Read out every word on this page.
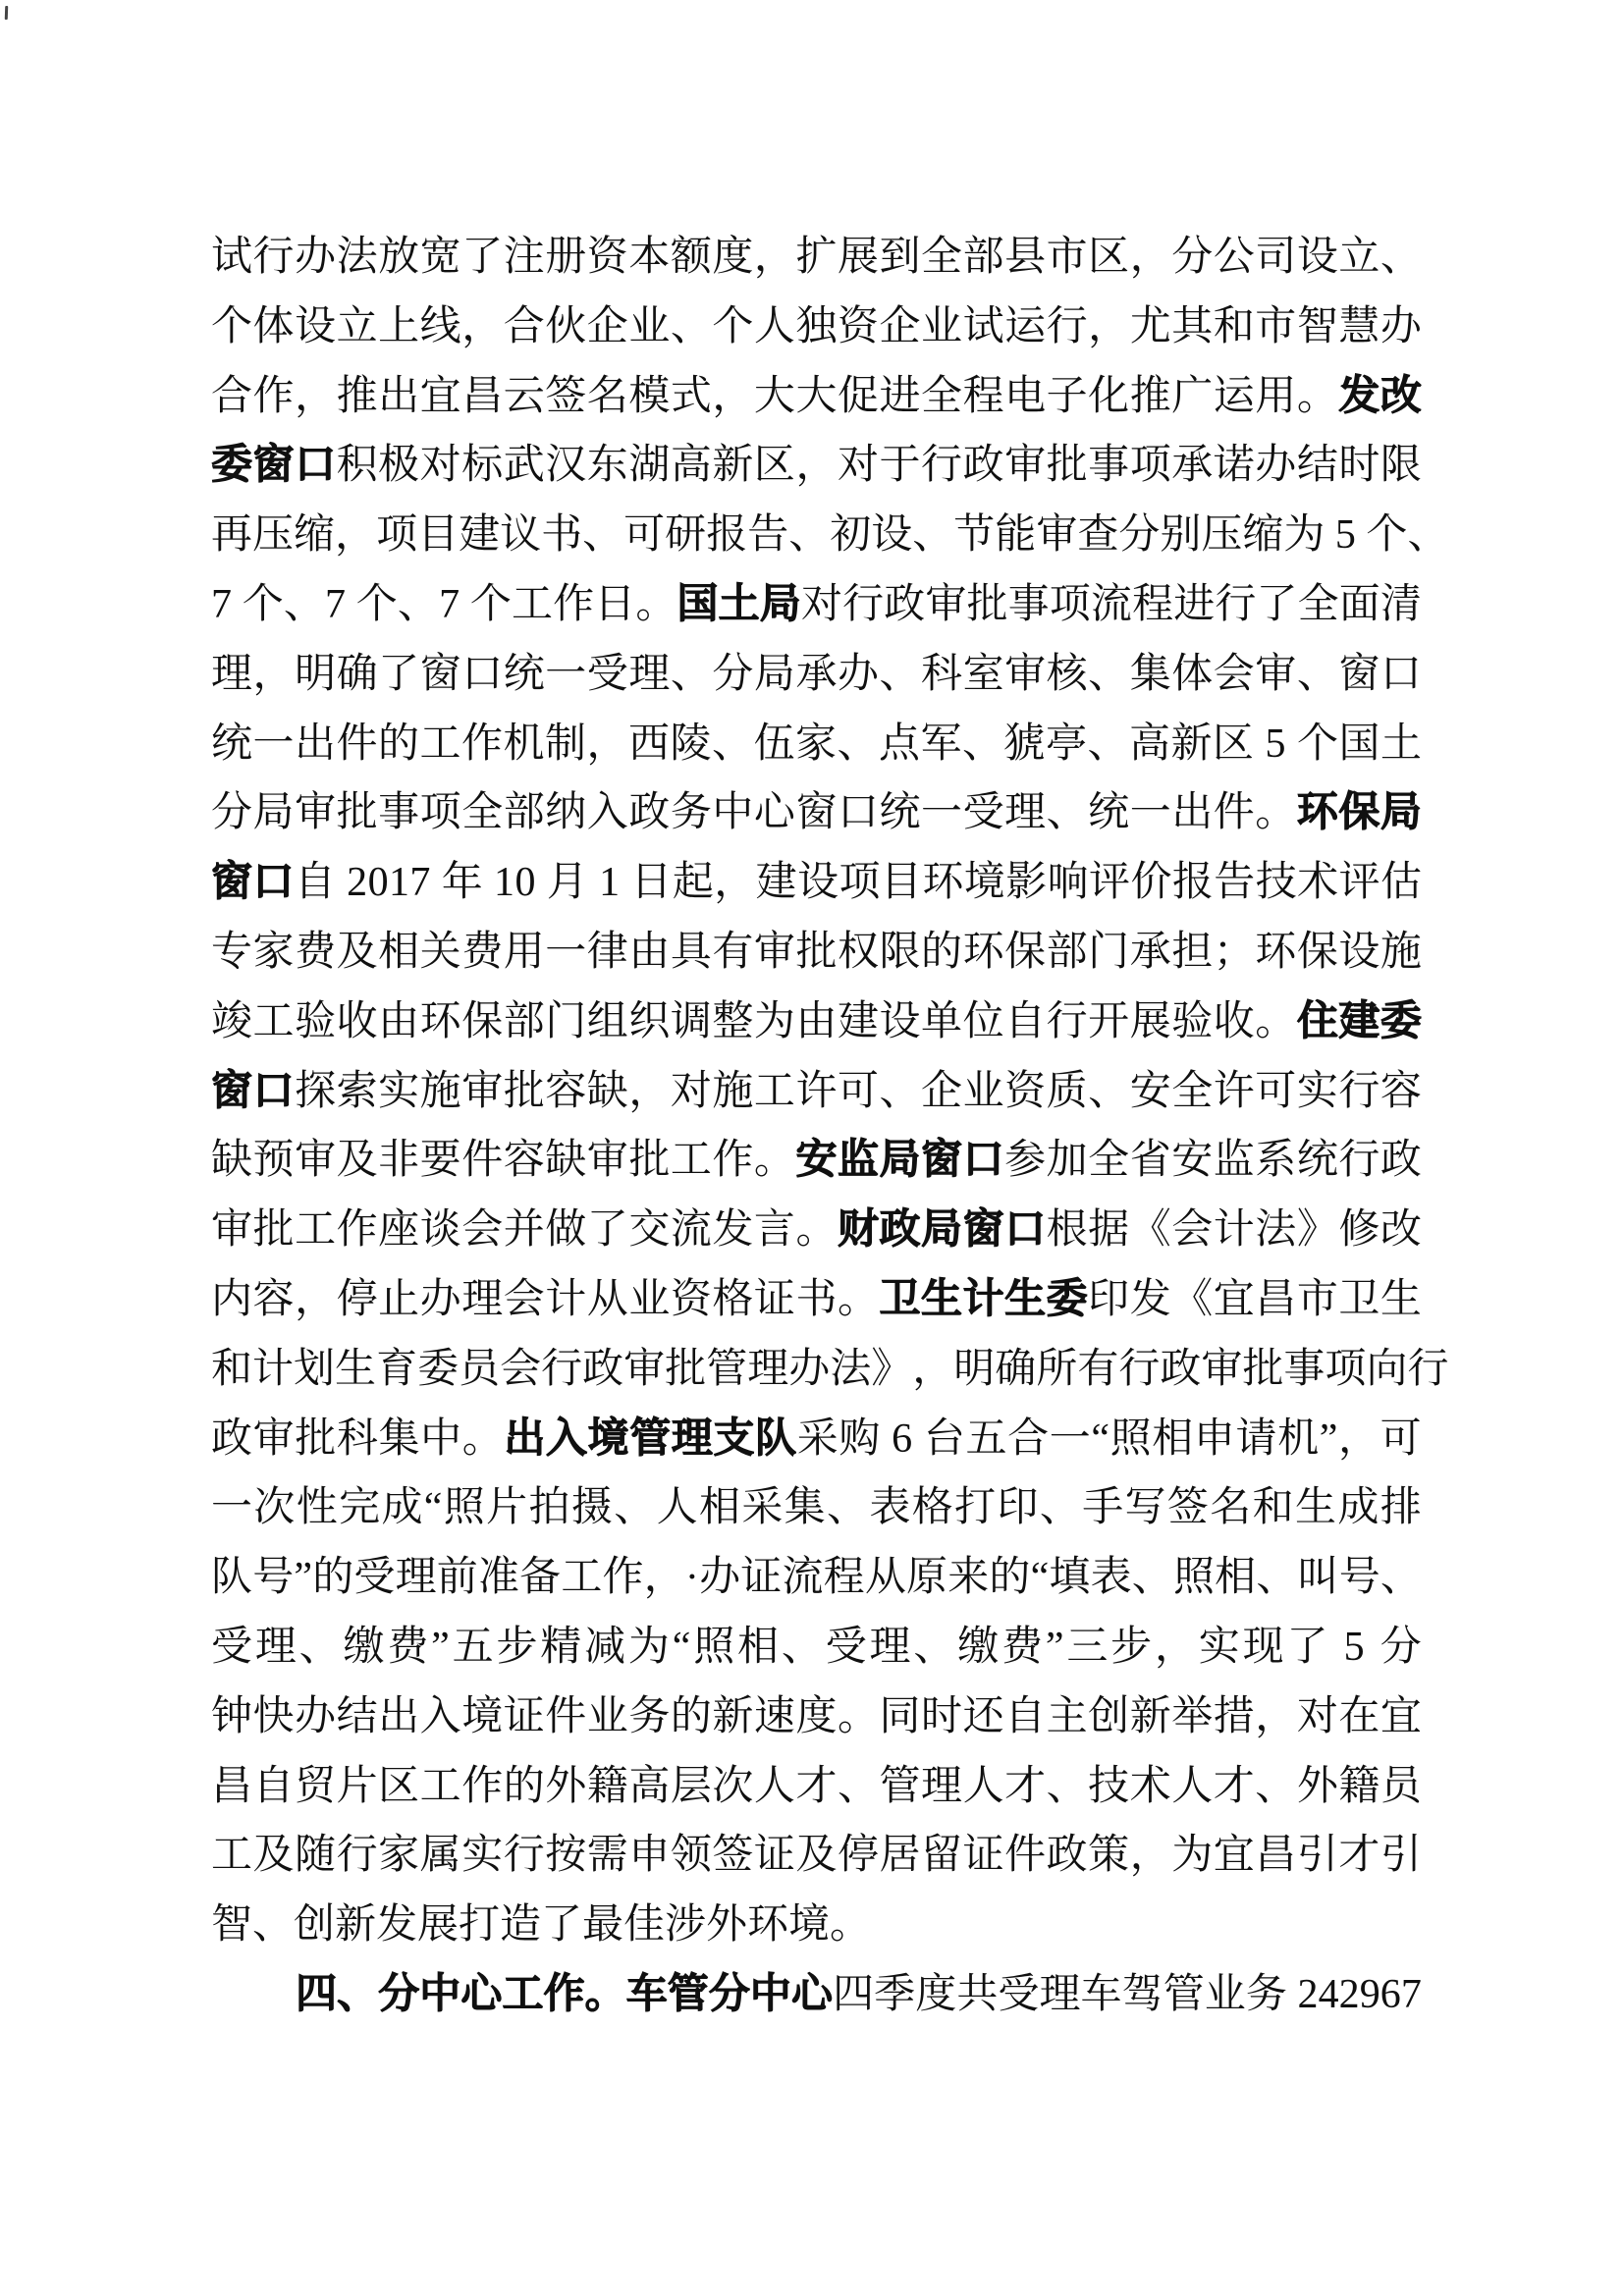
试 行 办 法 放 宽 了 注 册 资 本 额 度 ， 扩 展 到 全 部 县 市 区 ， 分 公 司 设 立 、
个 体 设 立 上 线 ， 合 伙 企 业 、 个 人 独 资 企 业 试 运 行 ， 尤 其 和 市 智 慧 办
合 作 ， 推 出 宜 昌 云 签 名 模 式 ， 大 大 促 进 全 程 电 子 化 推 广 运 用 。 发 改
委 窗 口 积 极 对 标 武 汉 东 湖 高 新 区 ， 对 于 行 政 审 批 事 项 承 诺 办 结 时 限
再 压 缩 ， 项 目 建 议 书 、 可 研 报 告 、 初 设 、 节 能 审 查 分 别 压 缩 为
5
个 、
7
个 、 7
个 、 7
个 工 作 日 。 国 土 局 对 行 政 审 批 事 项 流 程 进 行 了 全 面 清
理 ， 明 确 了 窗 口 统 一 受 理 、 分 局 承 办 、 科 室 审 核 、 集 体 会 审 、 窗 口
统 一 出 件 的 工 作 机 制 ， 西 陵 、 伍 家 、 点 军 、 猇 亭 、 高 新 区
5
个 国 土
分 局 审 批 事 项 全 部 纳 入 政 务 中 心 窗 口 统 一 受 理 、 统 一 出 件 。 环 保 局
窗 口 自
2 0 1 7
年
1 0
月
1
日 起 ， 建 设 项 目 环 境 影 响 评 价 报 告 技 术 评 估
专 家 费 及 相 关 费 用 一 律 由 具 有 审 批 权 限 的 环 保 部 门 承 担 ； 环 保 设 施
竣 工 验 收 由 环 保 部 门 组 织 调 整 为 由 建 设 单 位 自 行 开 展 验 收 。 住 建 委
窗 口 探 索 实 施 审 批 容 缺 ， 对 施 工 许 可 、 企 业 资 质 、 安 全 许 可 实 行 容
缺 预 审 及 非 要 件 容 缺 审 批 工 作 。 安 监 局 窗 口 参 加 全 省 安 监 系 统 行 政
审 批 工 作 座 谈 会 并 做 了 交 流 发 言 。 财 政 局 窗 口 根 据 《 会 计 法 》 修 改
内 容 ， 停 止 办 理 会 计 从 业 资 格 证 书 。 卫 生 计 生 委 印 发 《 宜 昌 市 卫 生
和 计 划 生 育 委 员 会 行 政 审 批 管 理 办 法 》 ， 明 确 所 有 行 政 审 批 事 项 向 行
政 审 批 科 集 中 。 出 入 境 管 理 支 队 采 购
6
台 五 合 一 “ 照 相 申 请 机 ” ， 可
一 次 性 完 成 “ 照 片 拍 摄 、 人 相 采 集 、 表 格 打 印 、 手 写 签 名 和 生 成 排
队 号 ” 的 受 理 前 准 备 工 作 ， · 办 证 流 程 从 原 来 的 “ 填 表 、 照 相 、 叫 号 、
受 理 、 缴 费 ” 五 步 精 减 为 “ 照 相 、 受 理 、 缴 费 ” 三 步 ， 实 现 了
5
分
钟 快 办 结 出 入 境 证 件 业 务 的 新 速 度 。 同 时 还 自 主 创 新 举 措 ， 对 在 宜
昌 自 贸 片 区 工 作 的 外 籍 高 层 次 人 才 、 管 理 人 才 、 技 术 人 才 、 外 籍 员
工 及 随 行 家 属 实 行 按 需 申 领 签 证 及 停 居 留 证 件 政 策 ， 为 宜 昌 引 才 引
智、创新发展打造了最佳涉外环境。
四 、 分 中 心 工 作 。 车 管 分 中 心 四 季 度 共 受 理 车 驾 管 业 务
2 4 2 9 6 7
